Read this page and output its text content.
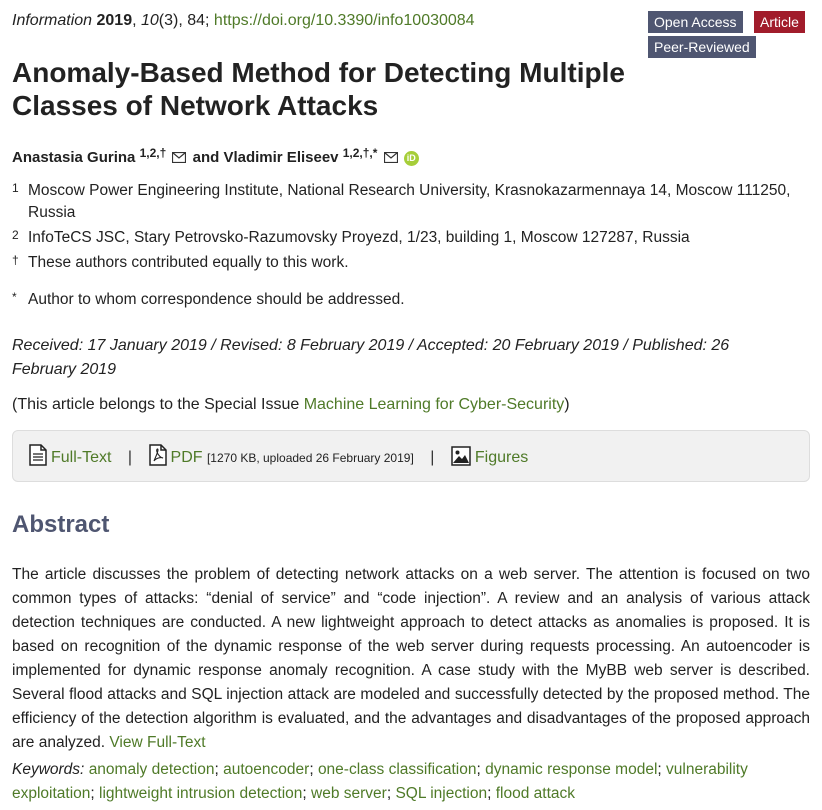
Information 2019, 10(3), 84; https://doi.org/10.3390/info10030084	Open Access	Article
Peer-Reviewed
Anomaly-Based Method for Detecting Multiple Classes of Network Attacks
Anastasia Gurina $^{1,2,\dagger}$ and Vladimir Eliseev $^{1,2,\dagger,*}$	iD
1 Moscow Power Engineering Institute, National Research University, Krasnokazarmennaya 14, Moscow 111250, Russia
2 InfoTeCS JSC, Stary Petrovsko-Razumovsky Proyezd, 1/23, building 1, Moscow 127287, Russia
† These authors contributed equally to this work.
* Author to whom correspondence should be addressed.
Received: 17 January 2019 / Revised: 8 February 2019 / Accepted: 20 February 2019 / Published: 26 February 2019
(This article belongs to the Special Issue Machine Learning for Cyber-Security)
Full-Text | PDF [1270 KB, uploaded 26 February 2019] |	Figures
Abstract
The article discusses the problem of detecting network attacks on a web server. The attention is focused on two common types of attacks: “denial of service” and “code injection”. A review and an analysis of various attack detection techniques are conducted. A new lightweight approach to detect attacks as anomalies is proposed. It is based on recognition of the dynamic response of the web server during requests processing. An autoencoder is implemented for dynamic response anomaly recognition. A case study with the MyBB web server is described. Several flood attacks and SQL injection attack are modeled and successfully detected by the proposed method. The efficiency of the detection algorithm is evaluated, and the advantages and disadvantages of the proposed approach are analyzed. View Full-Text
Keywords: anomaly detection; autoencoder; one-class classification; dynamic response model; vulnerability exploitation; lightweight intrusion detection; web server; SQL injection; flood attack
